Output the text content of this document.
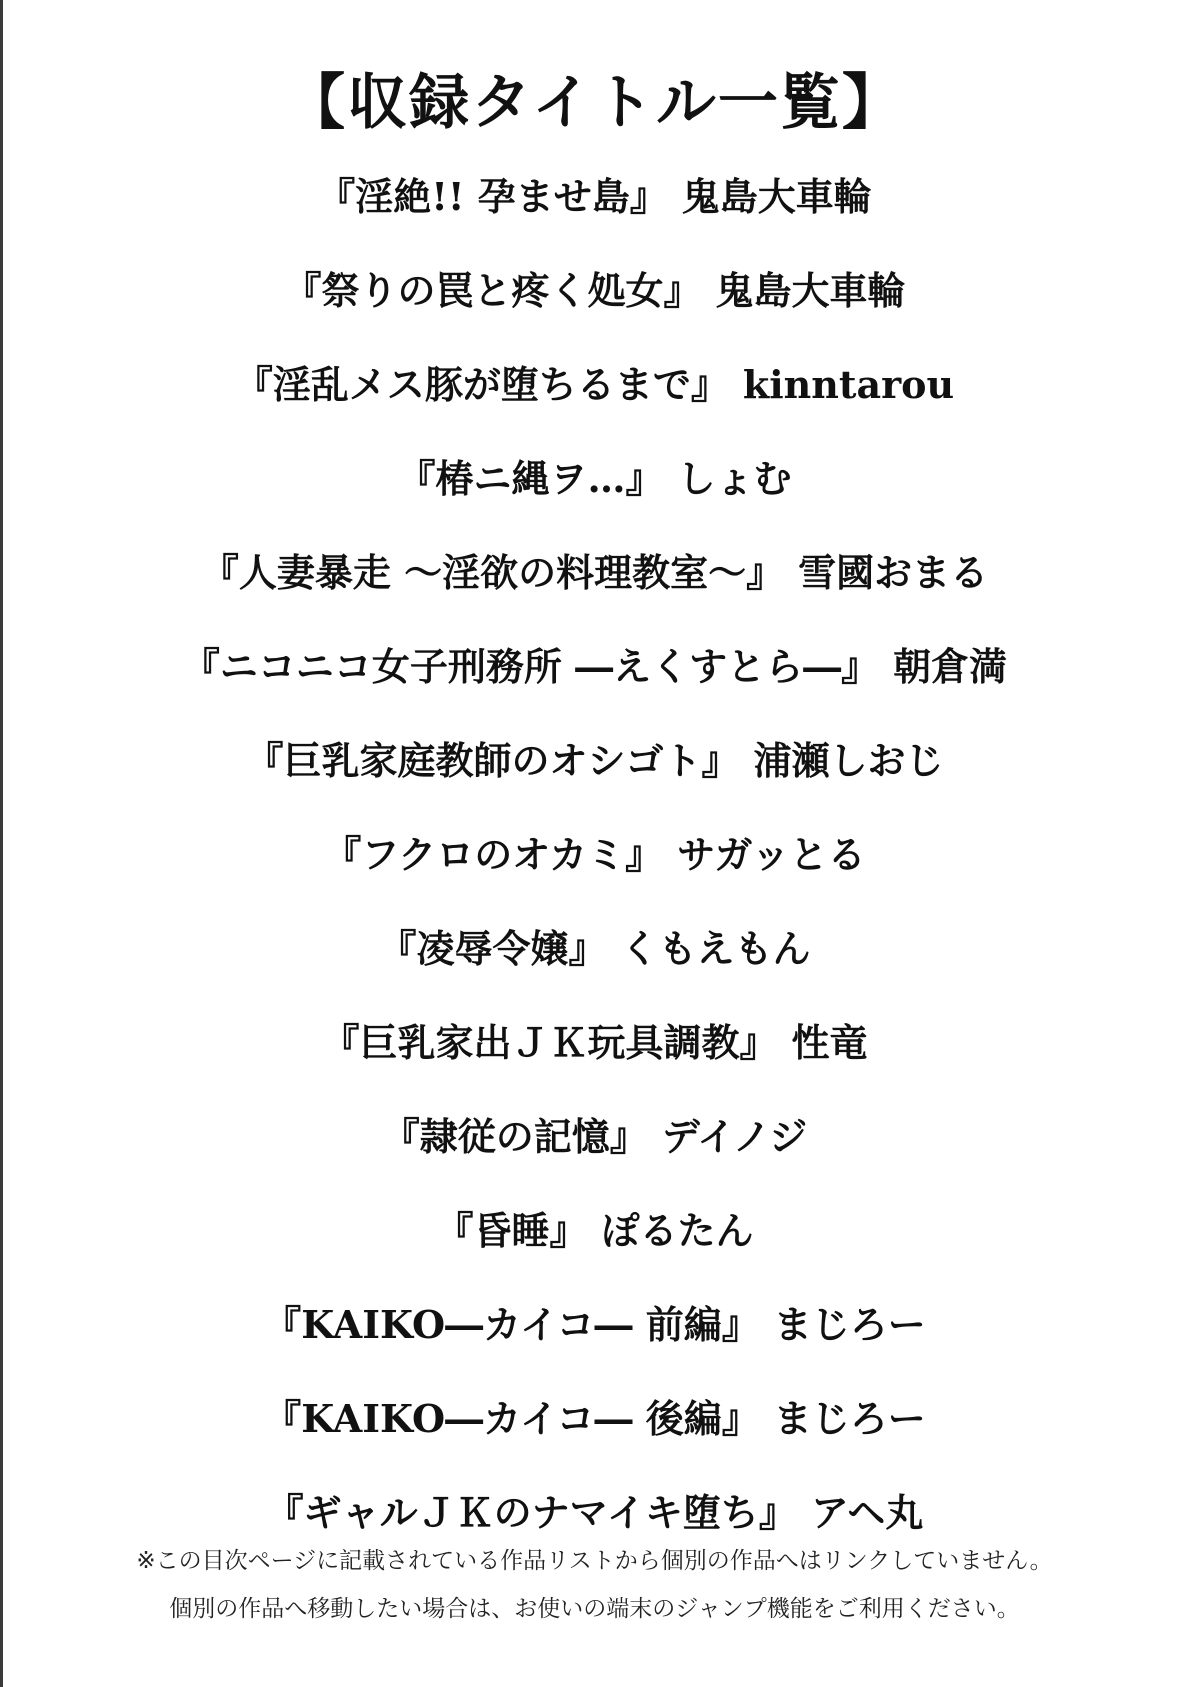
【収録タイトル一覧】
『淫絶!! 孕ませ島』 鬼島大車輪
『祭りの罠と疼く処女』 鬼島大車輪
『淫乱メス豚が堕ちるまで』 kinntarou
『椿ニ縄ヲ…』 しょむ
『人妻暴走 ～淫欲の料理教室～』 雪國おまる
『ニコニコ女子刑務所 ―えくすとら―』 朝倉満
『巨乳家庭教師のオシゴト』 浦瀬しおじ
『フクロのオカミ』 サガッとる
『凌辱令嬢』 くもえもん
『巨乳家出ＪＫ玩具調教』 性竜
『隷従の記憶』 デイノジ
『昏睡』 ぽるたん
『KAIKO―カイコ― 前編』 まじろー
『KAIKO―カイコ― 後編』 まじろー
『ギャルＪＫのナマイキ堕ち』 アヘ丸
※この目次ページに記載されている作品リストから個別の作品へはリンクしていません。
個別の作品へ移動したい場合は、お使いの端末のジャンプ機能をご利用ください。
